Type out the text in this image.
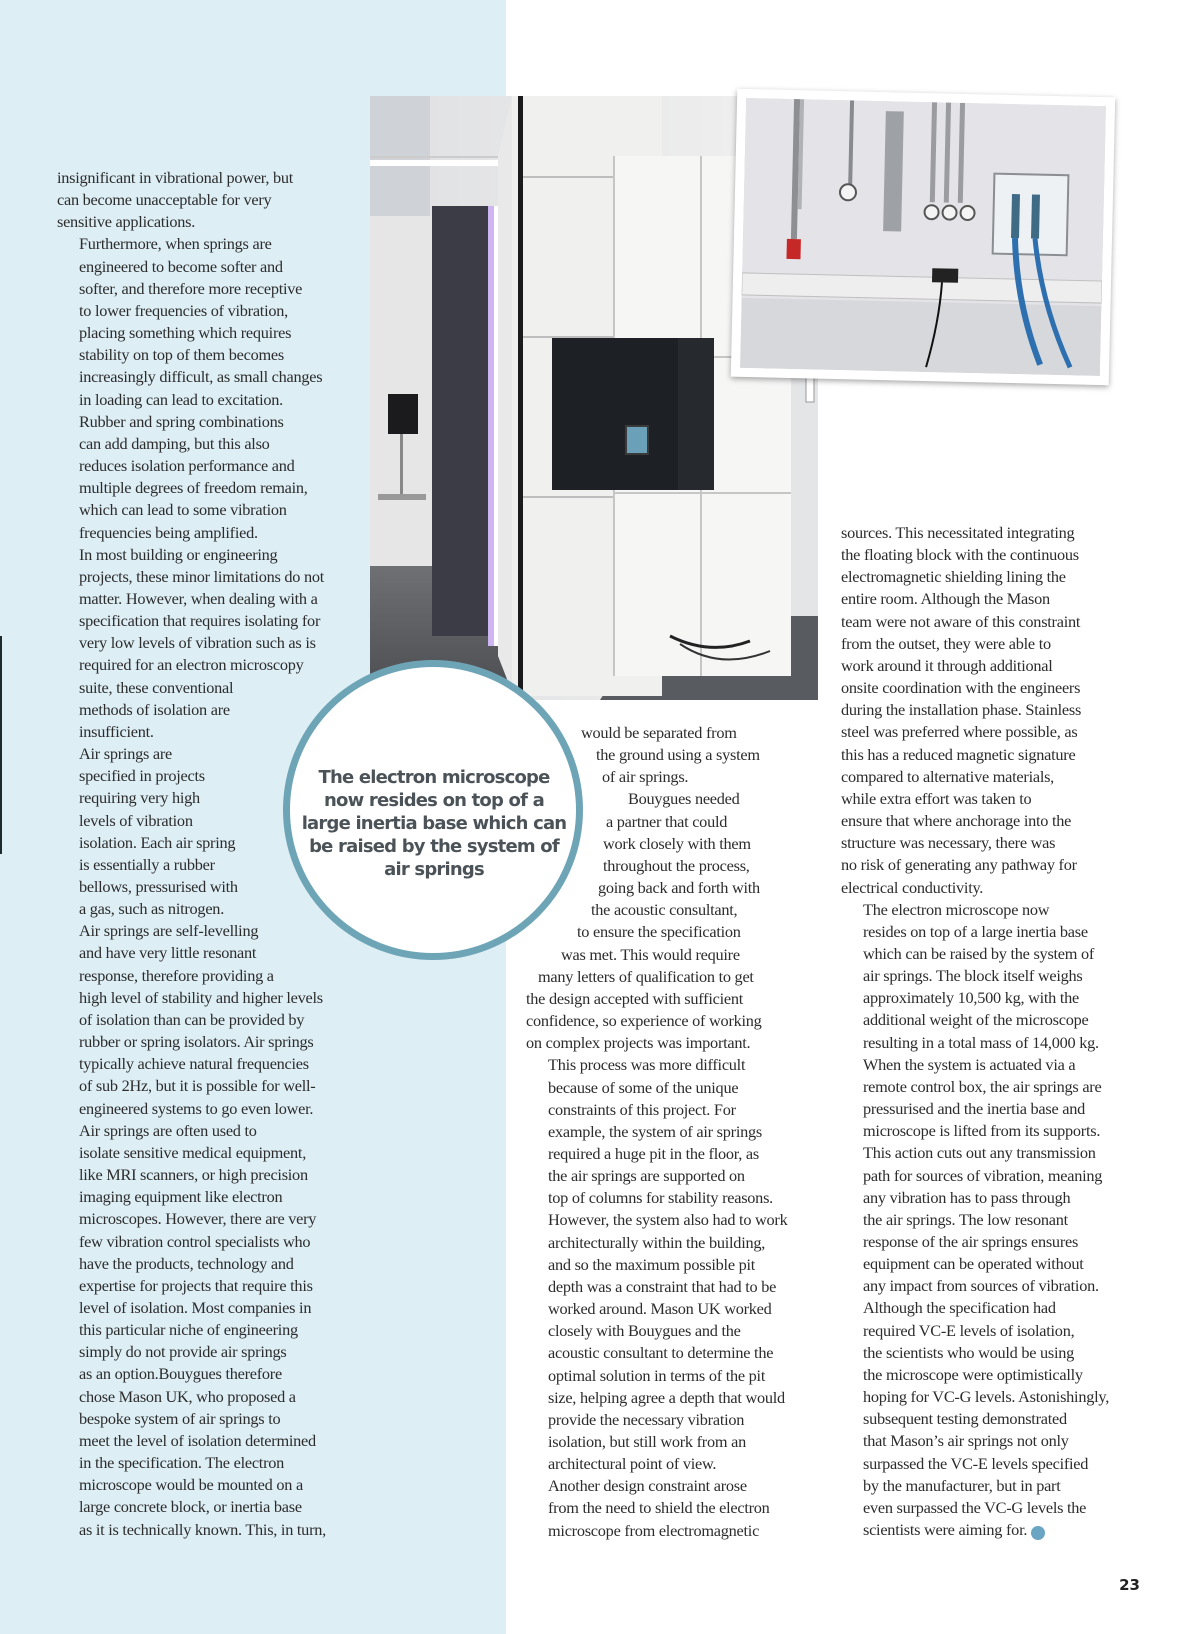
insignificant in vibrational power, but
can become unacceptable for very
sensitive applications.

Furthermore, when springs are
engineered to become softer and
softer, and therefore more receptive
to lower frequencies of vibration,
placing something which requires
stability on top of them becomes
increasingly difficult, as small changes
in loading can lead to excitation.
Rubber and spring combinations
can add damping, but this also
reduces isolation performance and
multiple degrees of freedom remain,
which can lead to some vibration
frequencies being amplified.

In most building or engineering
projects, these minor limitations do not
matter. However, when dealing with a
specification that requires isolating for
very low levels of vibration such as is
required for an electron microscopy
suite, these conventional
methods of isolation are
insufficient.

Air springs are
specified in projects
requiring very high
levels of vibration
isolation. Each air spring
is essentially a rubber
bellows, pressurised with
a gas, such as nitrogen.
Air springs are self-levelling
and have very little resonant
response, therefore providing a
high level of stability and higher levels
of isolation than can be provided by
rubber or spring isolators. Air springs
typically achieve natural frequencies
of sub 2Hz, but it is possible for well-
engineered systems to go even lower.

Air springs are often used to
isolate sensitive medical equipment,
like MRI scanners, or high precision
imaging equipment like electron
microscopes. However, there are very
few vibration control specialists who
have the products, technology and
expertise for projects that require this
level of isolation. Most companies in
this particular niche of engineering
simply do not provide air springs
as an option.Bouygues therefore
chose Mason UK, who proposed a
bespoke system of air springs to
meet the level of isolation determined
in the specification. The electron
microscope would be mounted on a
large concrete block, or inertia base
as it is technically known. This, in turn,

The electron microscope now resides on top of a large inertia base which can be raised by the system of air springs

would be separated from
the ground using a system
of air springs.

Bouygues needed
a partner that could
work closely with them
throughout the process,
going back and forth with
the acoustic consultant,
to ensure the specification
was met. This would require
many letters of qualification to get
the design accepted with sufficient
confidence, so experience of working
on complex projects was important.

This process was more difficult
because of some of the unique
constraints of this project. For
example, the system of air springs
required a huge pit in the floor, as
the air springs are supported on
top of columns for stability reasons.
However, the system also had to work
architecturally within the building,
and so the maximum possible pit
depth was a constraint that had to be
worked around. Mason UK worked
closely with Bouygues and the
acoustic consultant to determine the
optimal solution in terms of the pit
size, helping agree a depth that would
provide the necessary vibration
isolation, but still work from an
architectural point of view.

Another design constraint arose
from the need to shield the electron
microscope from electromagnetic

sources. This necessitated integrating
the floating block with the continuous
electromagnetic shielding lining the
entire room. Although the Mason
team were not aware of this constraint
from the outset, they were able to
work around it through additional
onsite coordination with the engineers
during the installation phase. Stainless
steel was preferred where possible, as
this has a reduced magnetic signature
compared to alternative materials,
while extra effort was taken to
ensure that where anchorage into the
structure was necessary, there was
no risk of generating any pathway for
electrical conductivity.

The electron microscope now
resides on top of a large inertia base
which can be raised by the system of
air springs. The block itself weighs
approximately 10,500 kg, with the
additional weight of the microscope
resulting in a total mass of 14,000 kg.

When the system is actuated via a
remote control box, the air springs are
pressurised and the inertia base and
microscope is lifted from its supports.
This action cuts out any transmission
path for sources of vibration, meaning
any vibration has to pass through
the air springs. The low resonant
response of the air springs ensures
equipment can be operated without
any impact from sources of vibration.

Although the specification had
required VC-E levels of isolation,
the scientists who would be using
the microscope were optimistically
hoping for VC-G levels. Astonishingly,
subsequent testing demonstrated
that Mason’s air springs not only
surpassed the VC-E levels specified
by the manufacturer, but in part
even surpassed the VC-G levels the
scientists were aiming for. !

23
